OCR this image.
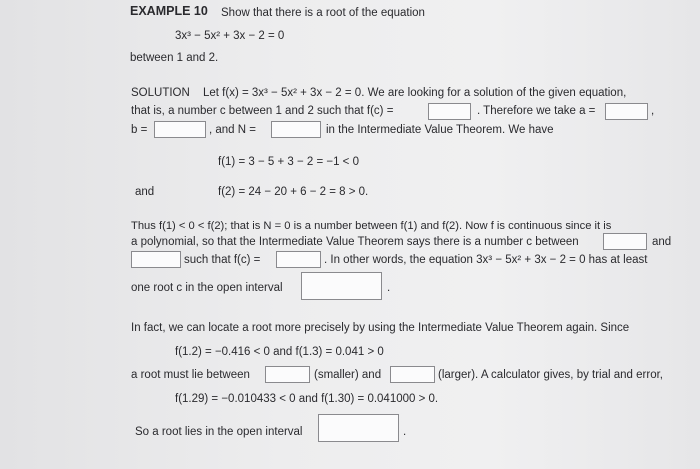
EXAMPLE 10 Show that there is a root of the equation
3x³ − 5x² + 3x − 2 = 0
between 1 and 2.
SOLUTION Let f(x) = 3x³ − 5x² + 3x − 2 = 0. We are looking for a solution of the given equation,
that is, a number c between 1 and 2 such that f(c) =	. Therefore we take a =	,
b =	, and N =	in the Intermediate Value Theorem. We have
f(1) = 3 − 5 + 3 − 2 = −1 < 0
and	f(2) = 24 − 20 + 6 − 2 = 8 > 0.
Thus f(1) < 0 < f(2); that is N = 0 is a number between f(1) and f(2). Now f is continuous since it is
a polynomial, so that the Intermediate Value Theorem says there is a number c between	and
such that f(c) =	. In other words, the equation 3x³ − 5x² + 3x − 2 = 0 has at least
one root c in the open interval	.
In fact, we can locate a root more precisely by using the Intermediate Value Theorem again. Since
f(1.2) = −0.416 < 0 and f(1.3) = 0.041 > 0
a root must lie between	(smaller) and	(larger). A calculator gives, by trial and error,
f(1.29) = −0.010433 < 0 and f(1.30) = 0.041000 > 0.
So a root lies in the open interval	.
